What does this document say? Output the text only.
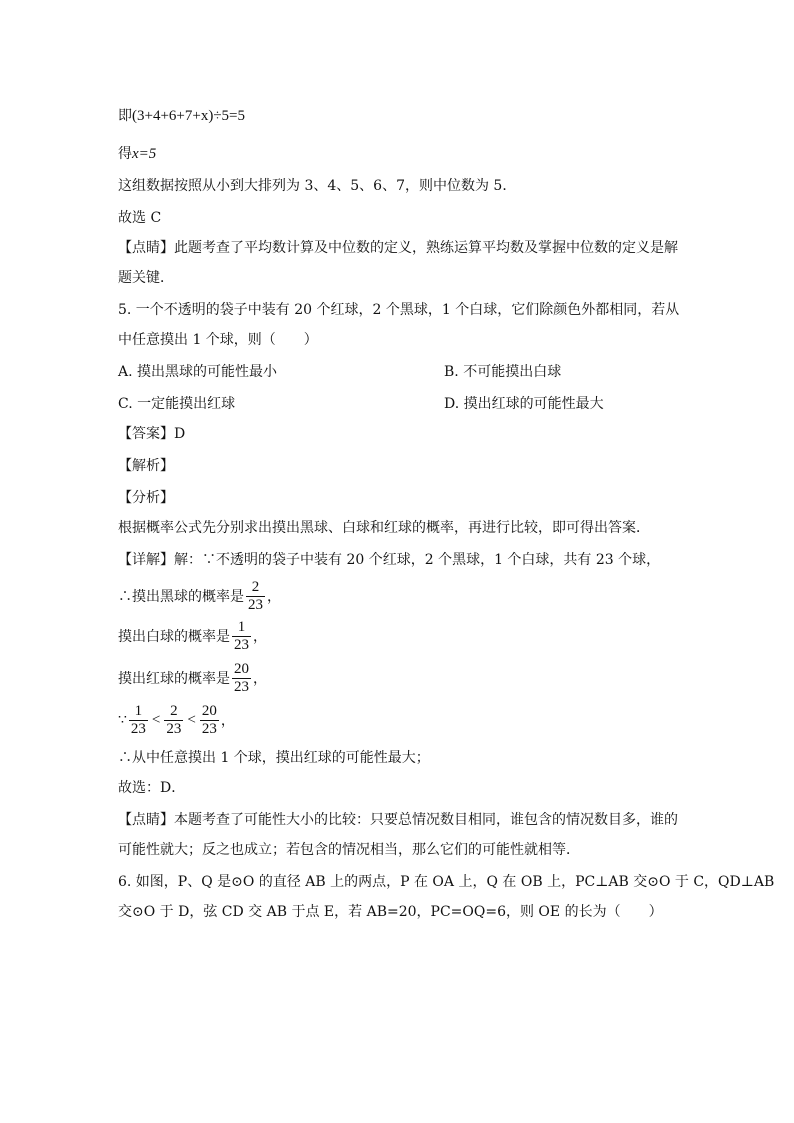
即(3+4+6+7+x)÷5=5
得x=5
这组数据按照从小到大排列为 3、4、5、6、7，则中位数为 5．
故选 C
【点睛】此题考查了平均数计算及中位数的定义，熟练运算平均数及掌握中位数的定义是解
题关键．
5. 一个不透明的袋子中装有 20 个红球，2 个黑球，1 个白球，它们除颜色外都相同，若从
中任意摸出 1 个球，则（　　）
A. 摸出黑球的可能性最小	B. 不可能摸出白球
C. 一定能摸出红球	D. 摸出红球的可能性最大
【答案】D
【解析】
【分析】
根据概率公式先分别求出摸出黑球、白球和红球的概率，再进行比较，即可得出答案．
【详解】解：∵不透明的袋子中装有 20 个红球，2 个黑球，1 个白球，共有 23 个球，
∴摸出黑球的概率是 $\frac{2}{23}$ ，
摸出白球的概率是 $\frac{1}{23}$ ，
摸出红球的概率是 $\frac{20}{23}$ ，
∵ $\frac{1}{23} < \frac{2}{23} < \frac{20}{23}$ ，
∴从中任意摸出 1 个球，摸出红球的可能性最大；
故选：D．
【点睛】本题考查了可能性大小的比较：只要总情况数目相同，谁包含的情况数目多，谁的
可能性就大；反之也成立；若包含的情况相当，那么它们的可能性就相等．
6. 如图，P、Q 是⊙O 的直径 AB 上的两点，P 在 OA 上，Q 在 OB 上，PC⊥AB 交⊙O 于 C，QD⊥AB
交⊙O 于 D，弦 CD 交 AB 于点 E，若 AB=20，PC=OQ=6，则 OE 的长为（　　）
